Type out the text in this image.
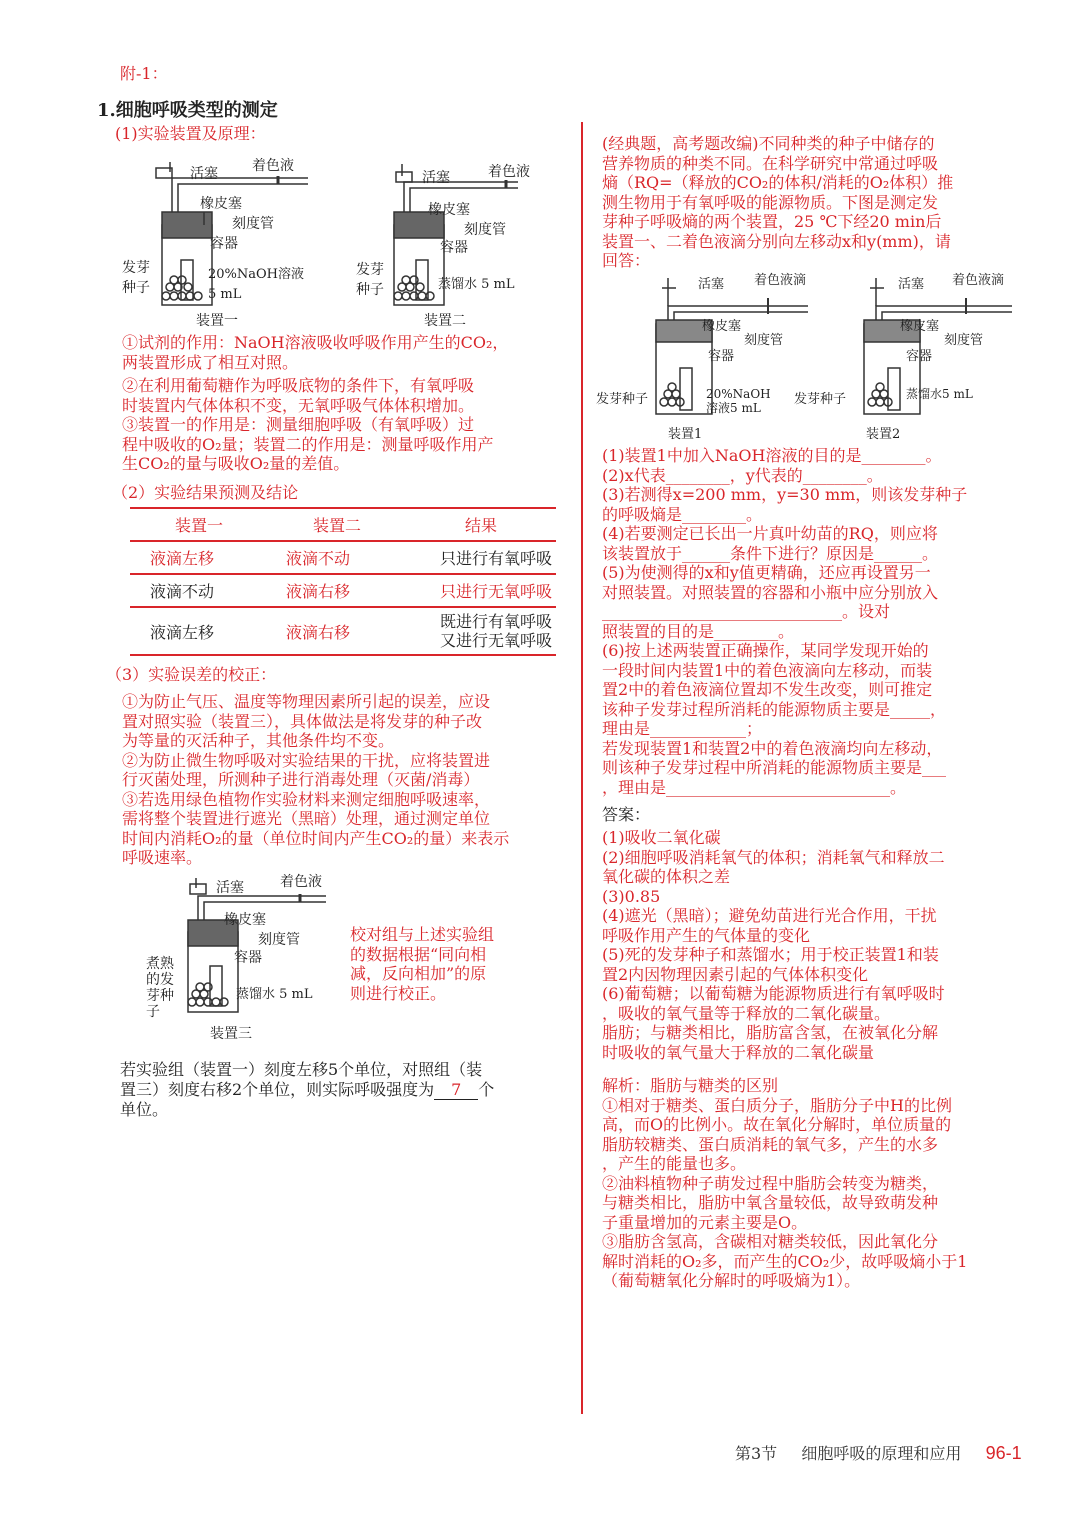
附-1：
1.细胞呼吸类型的测定
(1)实验装置及原理：
活塞 着色液
橡皮塞
刻度管
容器
发芽
种子
20%NaOH溶液
5 mL
装置一
活塞	着色液
橡皮塞
刻度管
容器
发芽
种子	蒸馏水 5 mL
装置二
①试剂的作用：NaOH溶液吸收呼吸作用产生的CO₂，
两装置形成了相互对照。
②在利用葡萄糖作为呼吸底物的条件下，有氧呼吸
时装置内气体体积不变，无氧呼吸气体体积增加。
③装置一的作用是：测量细胞呼吸（有氧呼吸）过
程中吸收的O₂量；装置二的作用是：测量呼吸作用产
生CO₂的量与吸收O₂量的差值。
（2）实验结果预测及结论
装置一	装置二	结果
液滴左移	液滴不动	只进行有氧呼吸
液滴不动	液滴右移	只进行无氧呼吸
液滴左移	液滴右移	既进行有氧呼吸
又进行无氧呼吸
（3）实验误差的校正：
①为防止气压、温度等物理因素所引起的误差，应设
置对照实验（装置三），具体做法是将发芽的种子改
为等量的灭活种子，其他条件均不变。
②为防止微生物呼吸对实验结果的干扰，应将装置进
行灭菌处理，所测种子进行消毒处理（灭菌/消毒）
③若选用绿色植物作实验材料来测定细胞呼吸速率，
需将整个装置进行遮光（黑暗）处理，通过测定单位
时间内消耗O₂的量（单位时间内产生CO₂的量）来表示
呼吸速率。
活塞	着色液
橡皮塞
刻度管
容器
煮熟
的发
芽种
子
蒸馏水 5 mL
装置三
校对组与上述实验组
的数据根据“同向相
减，反向相加”的原
则进行校正。
若实验组（装置一）刻度左移5个单位，对照组（装
置三）刻度右移2个单位，则实际呼吸强度为 7 个
单位。
(经典题，高考题改编)不同种类的种子中储存的
营养物质的种类不同。在科学研究中常通过呼吸
熵（RQ=（释放的CO₂的体积/消耗的O₂体积）推
测生物用于有氧呼吸的能源物质。下图是测定发
芽种子呼吸熵的两个装置，25 ℃下经20 min后
装置一、二着色液滴分别向左移动x和y(mm)，请
回答：
活塞 着色液滴
橡皮塞
刻度管
容器
发芽种子	20%NaOH
溶液5 mL
装置1
活塞 着色液滴
橡皮塞
刻度管
容器
发芽种子	蒸馏水5 mL
装置2
(1)装置1中加入NaOH溶液的目的是________。
(2)x代表________，y代表的________。
(3)若测得x=200 mm，y=30 mm，则该发芽种子
的呼吸熵是________。
(4)若要测定已长出一片真叶幼苗的RQ，则应将
该装置放于______条件下进行？原因是______。
(5)为使测得的x和y值更精确，还应再设置另一
对照装置。对照装置的容器和小瓶中应分别放入
______________________________。设对
照装置的目的是________。
(6)按上述两装置正确操作，某同学发现开始的
一段时间内装置1中的着色液滴向左移动，而装
置2中的着色液滴位置却不发生改变，则可推定
该种子发芽过程所消耗的能源物质主要是_____，
理由是____________；
若发现装置1和装置2中的着色液滴均向左移动，
则该种子发芽过程中所消耗的能源物质主要是___
，理由是____________________________。
答案：
(1)吸收二氧化碳
(2)细胞呼吸消耗氧气的体积；消耗氧气和释放二
氧化碳的体积之差
(3)0.85
(4)遮光（黑暗）；避免幼苗进行光合作用，干扰
呼吸作用产生的气体量的变化
(5)死的发芽种子和蒸馏水；用于校正装置1和装
置2内因物理因素引起的气体体积变化
(6)葡萄糖；以葡萄糖为能源物质进行有氧呼吸时
，吸收的氧气量等于释放的二氧化碳量。
脂肪；与糖类相比，脂肪富含氢，在被氧化分解
时吸收的氧气量大于释放的二氧化碳量
解析：脂肪与糖类的区别
①相对于糖类、蛋白质分子，脂肪分子中H的比例
高，而O的比例小。故在氧化分解时，单位质量的
脂肪较糖类、蛋白质消耗的氧气多，产生的水多
，产生的能量也多。
②油料植物种子萌发过程中脂肪会转变为糖类，
与糖类相比，脂肪中氧含量较低，故导致萌发种
子重量增加的元素主要是O。
③脂肪含氢高，含碳相对糖类较低，因此氧化分
解时消耗的O₂多，而产生的CO₂少，故呼吸熵小于1
（葡萄糖氧化分解时的呼吸熵为1）。
第3节 细胞呼吸的原理和应用 96-1
